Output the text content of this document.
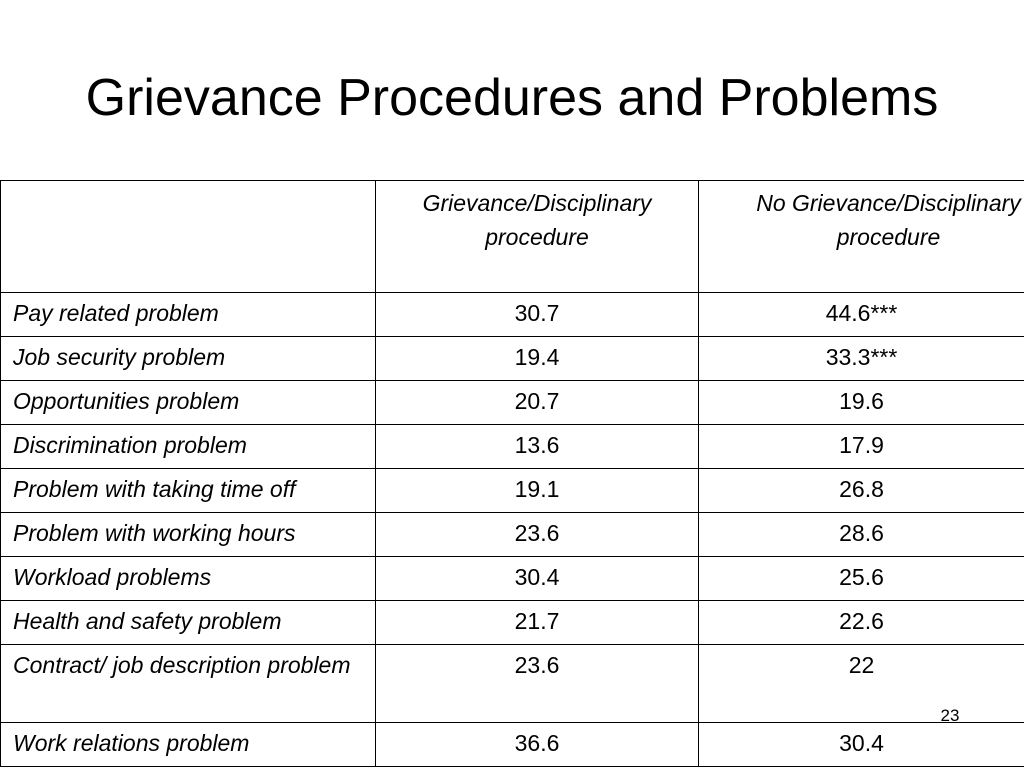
Grievance Procedures and Problems

	Grievance/Disciplinary procedure	No Grievance/Disciplinary procedure

Pay related problem	30.7	44.6***

Job security problem	19.4	33.3***

Opportunities problem	20.7	19.6

Discrimination problem	13.6	17.9

Problem with taking time off	19.1	26.8

Problem with working hours	23.6	28.6

Workload problems	30.4	25.6

Health and safety problem	21.7	22.6

Contract/ job description problem	23.6	22

Work relations problem	36.6	30.4
23
